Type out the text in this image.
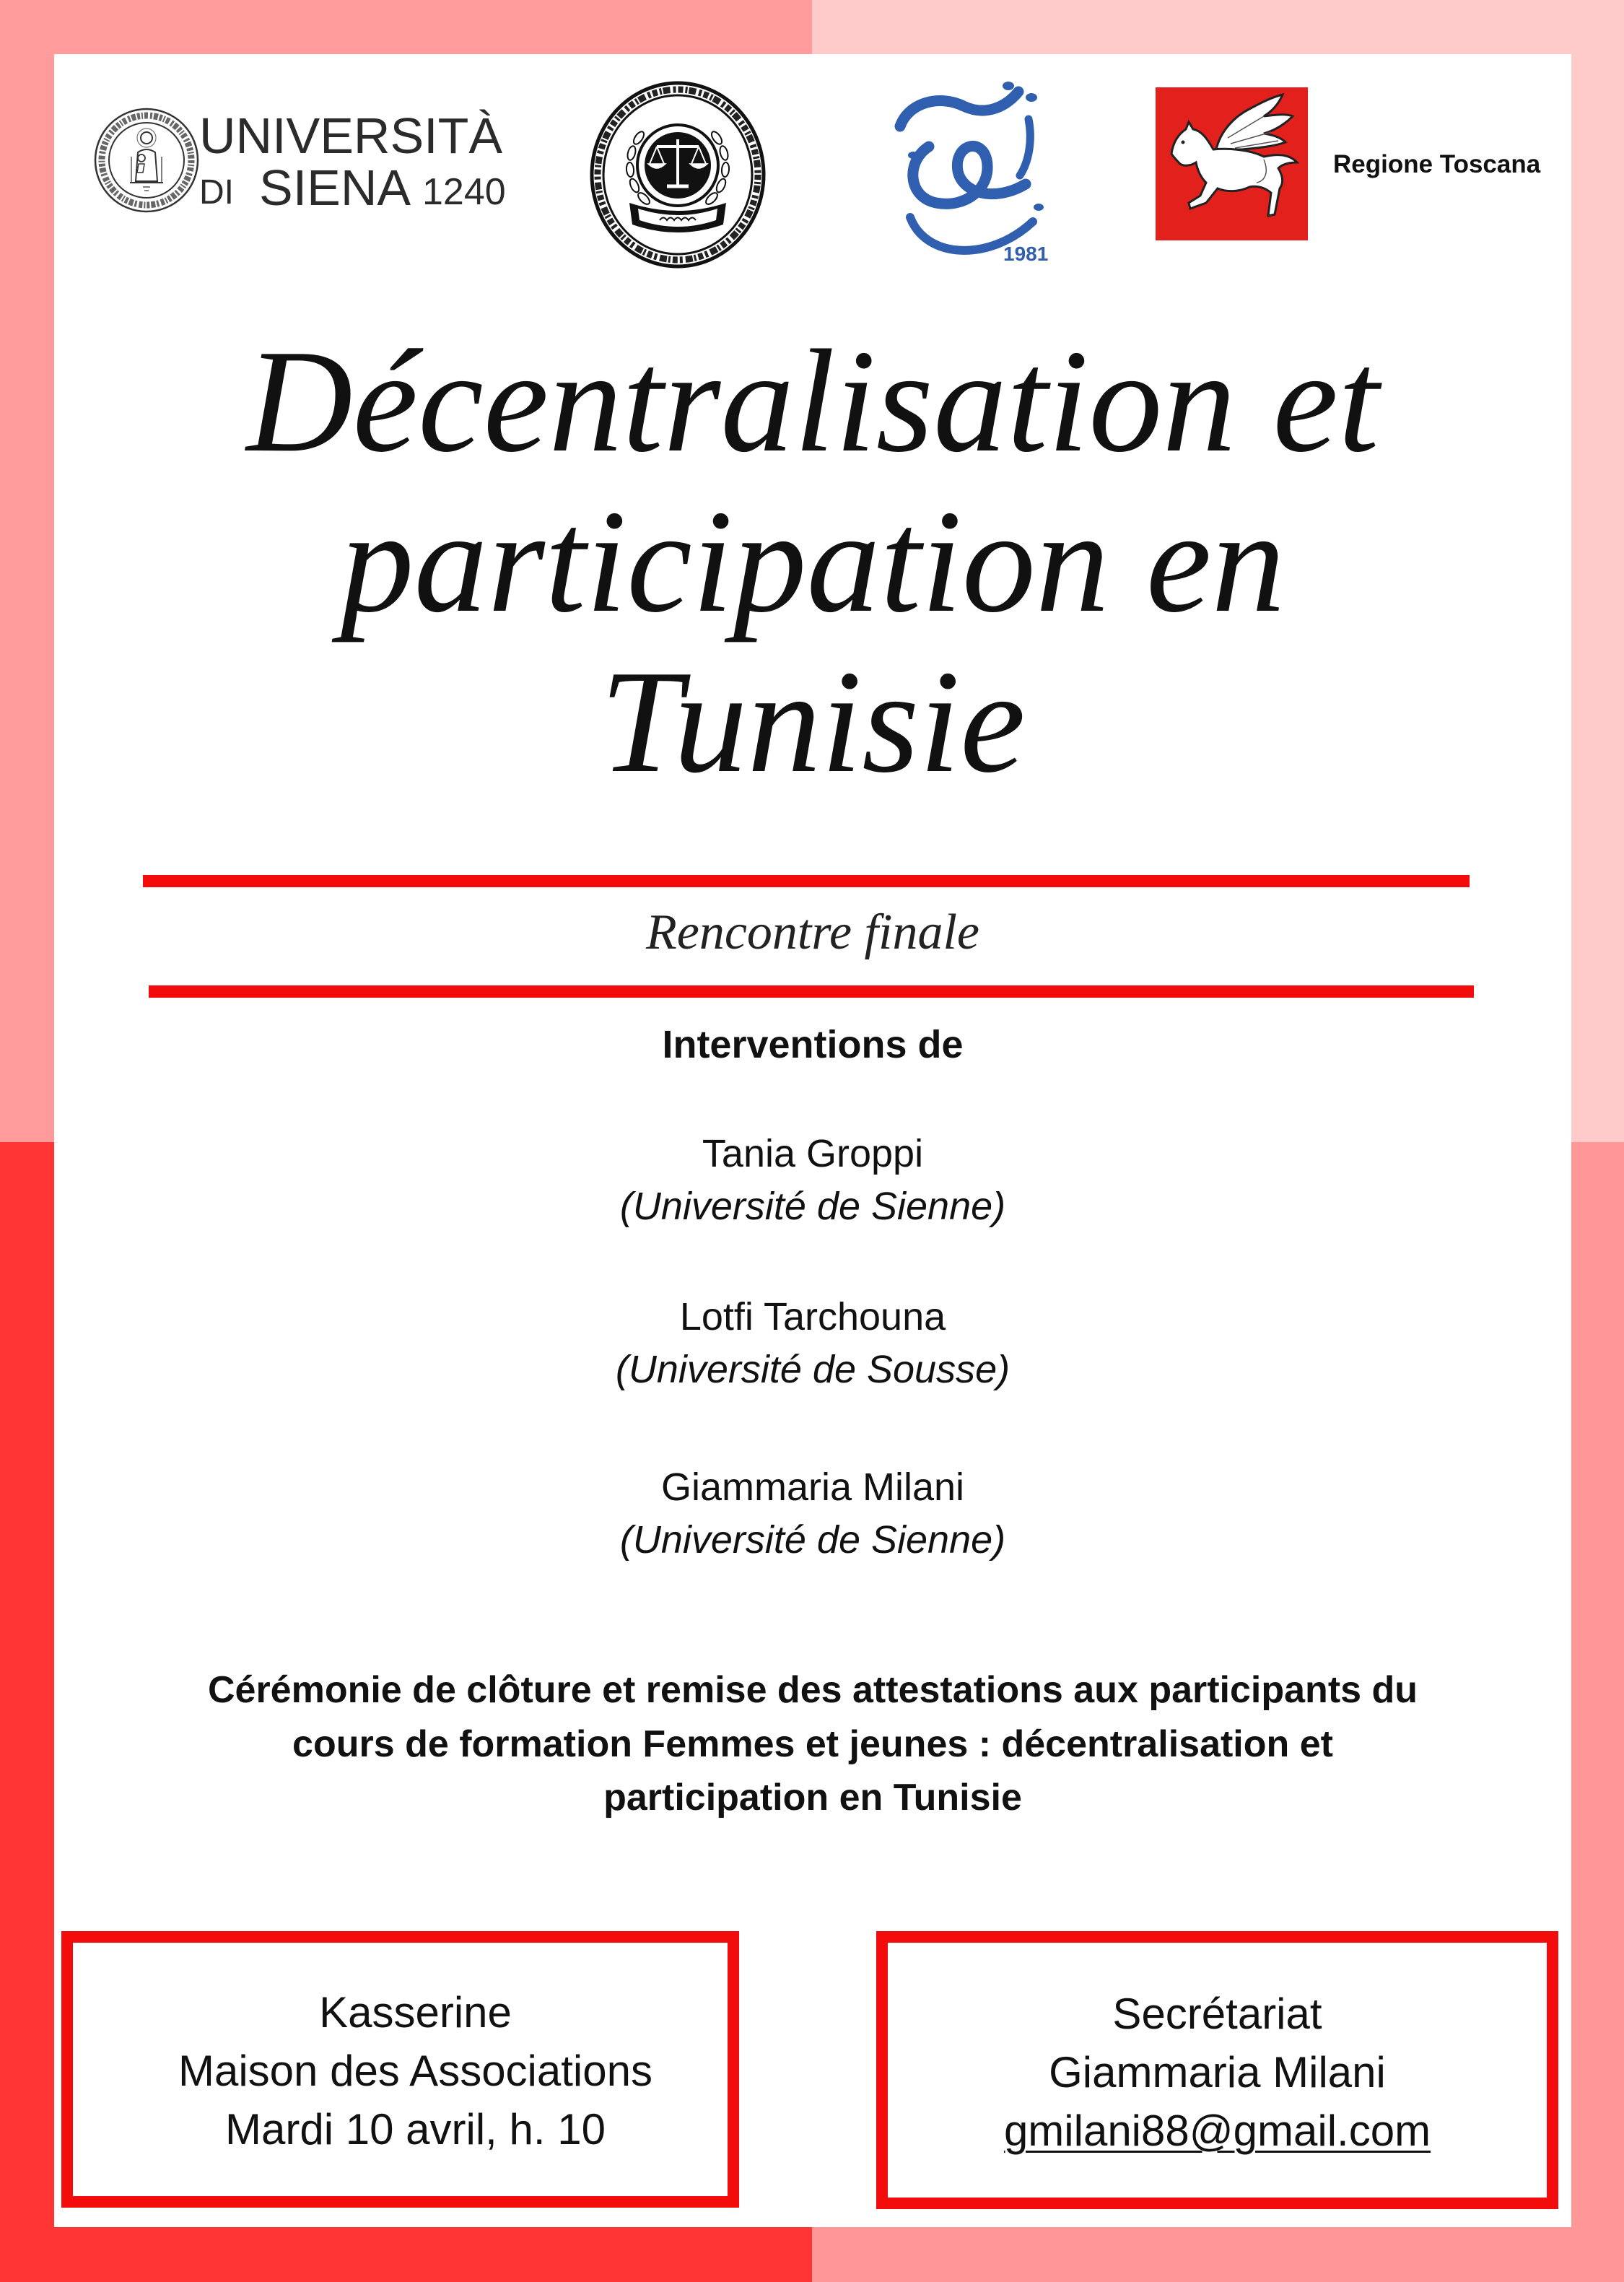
UNIVERSITÀ
DI SIENA 1240
1981
Regione Toscana
Décentralisation et
participation en
Tunisie
Rencontre finale
Interventions de
Tania Groppi
(Université de Sienne)
Lotfi Tarchouna
(Université de Sousse)
Giammaria Milani
(Université de Sienne)
Cérémonie de clôture et remise des attestations aux participants du
cours de formation Femmes et jeunes : décentralisation et
participation en Tunisie
Kasserine
Maison des Associations
Mardi 10 avril, h. 10
Secrétariat
Giammaria Milani
gmilani88@gmail.com
